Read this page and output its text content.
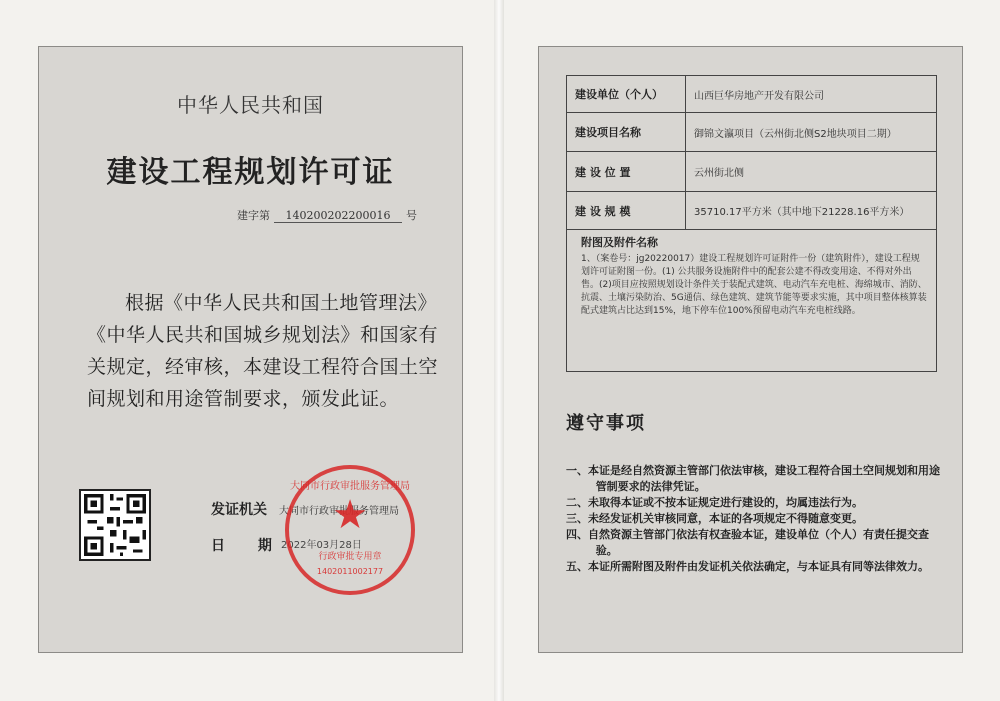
中华人民共和国
建设工程规划许可证
建字第 140200202200016 号
根据《中华人民共和国土地管理法》《中华人民共和国城乡规划法》和国家有关规定，经审核，本建设工程符合国土空间规划和用途管制要求，颁发此证。
发证机关 大同市行政审批服务管理局
日 期
2022年03月28日
大同市行政审批服务管理局
★
行政审批专用章
1402011002177
建设单位（个人）	山西巨华房地产开发有限公司
建设项目名称	御锦文瀛项目（云州街北侧S2地块项目二期）
建 设 位 置	云州街北侧
建 设 规 模	35710.17平方米（其中地下21228.16平方米）
附图及附件名称
1、（案卷号：jg20220017）建设工程规划许可证附件一份（建筑附件），建设工程规划许可证附图一份。(1) 公共服务设施附件中的配套公建不得改变用途、不得对外出售。(2)项目应按照规划设计条件关于装配式建筑、电动汽车充电桩、海绵城市、消防、抗震、土壤污染防治、5G通信、绿色建筑、建筑节能等要求实施，其中项目整体核算装配式建筑占比达到15%，地下停车位100%预留电动汽车充电桩线路。
遵守事项
一、本证是经自然资源主管部门依法审核，建设工程符合国土空间规划和用途管制要求的法律凭证。
二、未取得本证或不按本证规定进行建设的，均属违法行为。
三、未经发证机关审核同意，本证的各项规定不得随意变更。
四、自然资源主管部门依法有权查验本证，建设单位（个人）有责任提交查验。
五、本证所需附图及附件由发证机关依法确定，与本证具有同等法律效力。
